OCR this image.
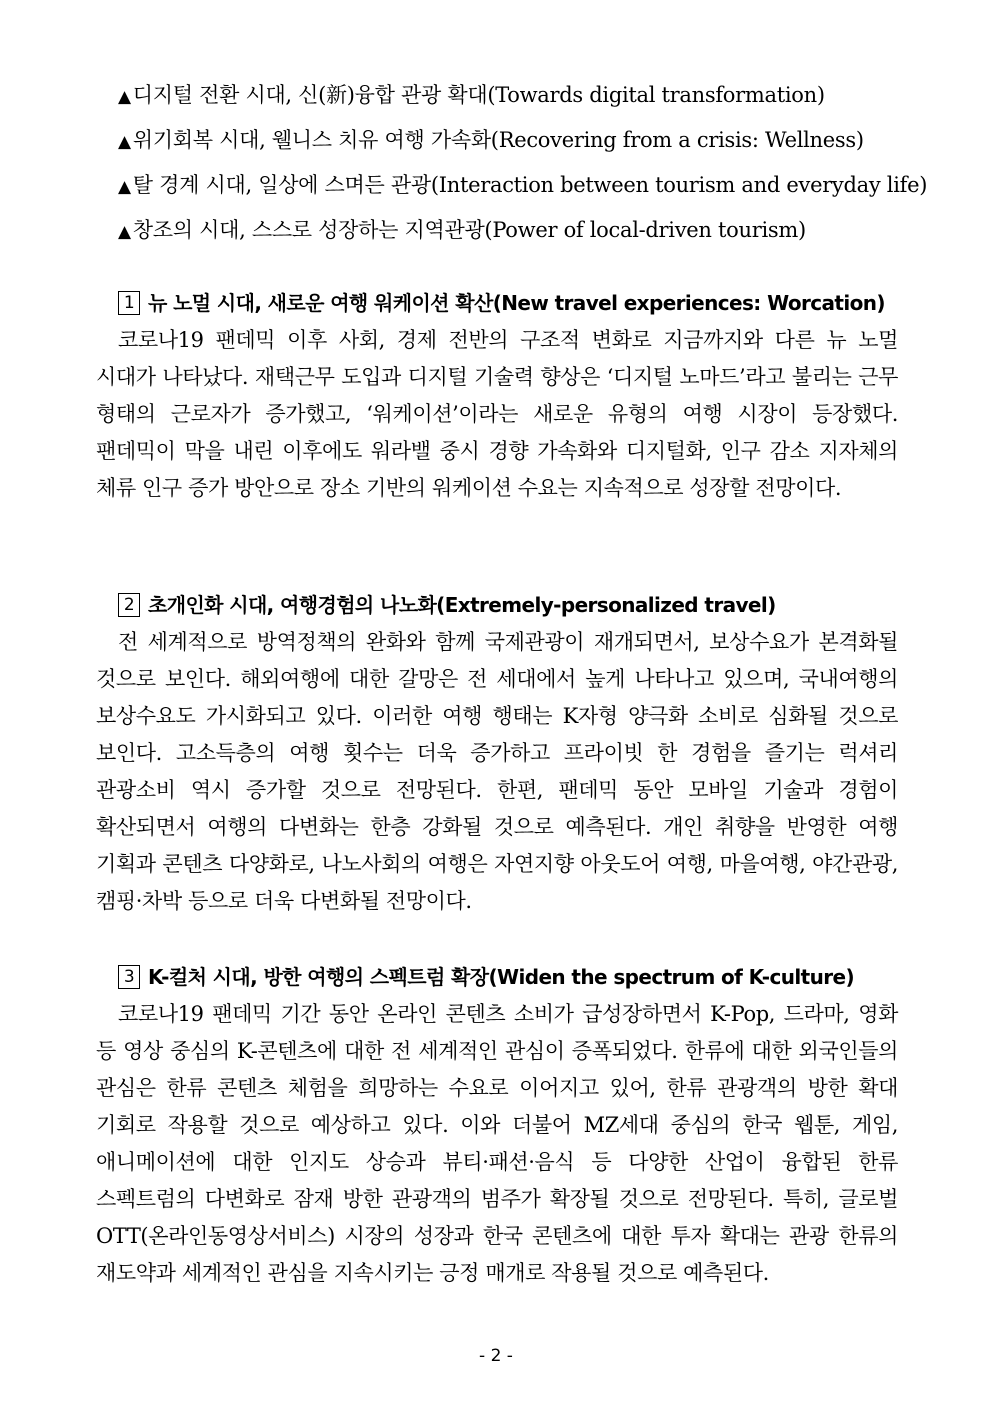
▲디지털 전환 시대, 신(新)융합 관광 확대(Towards digital transformation)
▲위기회복 시대, 웰니스 치유 여행 가속화(Recovering from a crisis: Wellness)
▲탈 경계 시대, 일상에 스며든 관광(Interaction between tourism and everyday life)
▲창조의 시대, 스스로 성장하는 지역관광(Power of local-driven tourism)
1 뉴 노멀 시대, 새로운 여행 워케이션 확산(New travel experiences: Worcation)
코로나19 팬데믹 이후 사회, 경제 전반의 구조적 변화로 지금까지와 다른 뉴 노멀 시대가 나타났다. 재택근무 도입과 디지털 기술력 향상은 ‘디지털 노마드’라고 불리는 근무 형태의 근로자가 증가했고, ‘워케이션’이라는 새로운 유형의 여행 시장이 등장했다. 팬데믹이 막을 내린 이후에도 워라밸 중시 경향 가속화와 디지털화, 인구 감소 지자체의 체류 인구 증가 방안으로 장소 기반의 워케이션 수요는 지속적으로 성장할 전망이다.
2 초개인화 시대, 여행경험의 나노화(Extremely-personalized travel)
전 세계적으로 방역정책의 완화와 함께 국제관광이 재개되면서, 보상수요가 본격화될 것으로 보인다. 해외여행에 대한 갈망은 전 세대에서 높게 나타나고 있으며, 국내여행의 보상수요도 가시화되고 있다. 이러한 여행 행태는 K자형 양극화 소비로 심화될 것으로 보인다. 고소득층의 여행 횟수는 더욱 증가하고 프라이빗 한 경험을 즐기는 럭셔리 관광소비 역시 증가할 것으로 전망된다. 한편, 팬데믹 동안 모바일 기술과 경험이 확산되면서 여행의 다변화는 한층 강화될 것으로 예측된다. 개인 취향을 반영한 여행 기획과 콘텐츠 다양화로, 나노사회의 여행은 자연지향 아웃도어 여행, 마을여행, 야간관광, 캠핑·차박 등으로 더욱 다변화될 전망이다.
3 K-컬처 시대, 방한 여행의 스펙트럼 확장(Widen the spectrum of K-culture)
코로나19 팬데믹 기간 동안 온라인 콘텐츠 소비가 급성장하면서 K-Pop, 드라마, 영화 등 영상 중심의 K-콘텐츠에 대한 전 세계적인 관심이 증폭되었다. 한류에 대한 외국인들의 관심은 한류 콘텐츠 체험을 희망하는 수요로 이어지고 있어, 한류 관광객의 방한 확대 기회로 작용할 것으로 예상하고 있다. 이와 더불어 MZ세대 중심의 한국 웹툰, 게임, 애니메이션에 대한 인지도 상승과 뷰티·패션·음식 등 다양한 산업이 융합된 한류 스펙트럼의 다변화로 잠재 방한 관광객의 범주가 확장될 것으로 전망된다. 특히, 글로벌 OTT(온라인동영상서비스) 시장의 성장과 한국 콘텐츠에 대한 투자 확대는 관광 한류의 재도약과 세계적인 관심을 지속시키는 긍정 매개로 작용될 것으로 예측된다.
- 2 -
